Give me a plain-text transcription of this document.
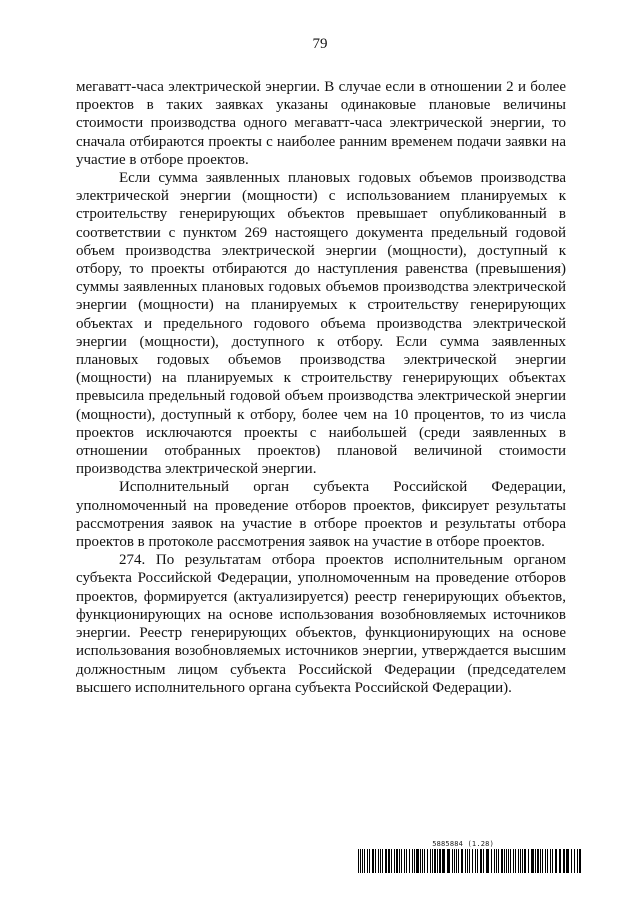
79

мегаватт-часа электрической энергии. В случае если в отношении 2 и более проектов в таких заявках указаны одинаковые плановые величины стоимости производства одного мегаватт-часа электрической энергии, то сначала отбираются проекты с наиболее ранним временем подачи заявки на участие в отборе проектов.

Если сумма заявленных плановых годовых объемов производства электрической энергии (мощности) с использованием планируемых к строительству генерирующих объектов превышает опубликованный в соответствии с пунктом 269 настоящего документа предельный годовой объем производства электрической энергии (мощности), доступный к отбору, то проекты отбираются до наступления равенства (превышения) суммы заявленных плановых годовых объемов производства электрической энергии (мощности) на планируемых к строительству генерирующих объектах и предельного годового объема производства электрической энергии (мощности), доступного к отбору. Если сумма заявленных плановых годовых объемов производства электрической энергии (мощности) на планируемых к строительству генерирующих объектах превысила предельный годовой объем производства электрической энергии (мощности), доступный к отбору, более чем на 10 процентов, то из числа проектов исключаются проекты с наибольшей (среди заявленных в отношении отобранных проектов) плановой величиной стоимости производства электрической энергии.

Исполнительный орган субъекта Российской Федерации, уполномоченный на проведение отборов проектов, фиксирует результаты рассмотрения заявок на участие в отборе проектов и результаты отбора проектов в протоколе рассмотрения заявок на участие в отборе проектов.

274. По результатам отбора проектов исполнительным органом субъекта Российской Федерации, уполномоченным на проведение отборов проектов, формируется (актуализируется) реестр генерирующих объектов, функционирующих на основе использования возобновляемых источников энергии. Реестр генерирующих объектов, функционирующих на основе использования возобновляемых источников энергии, утверждается высшим должностным лицом субъекта Российской Федерации (председателем высшего исполнительного органа субъекта Российской Федерации).

5885884 (1.28)
